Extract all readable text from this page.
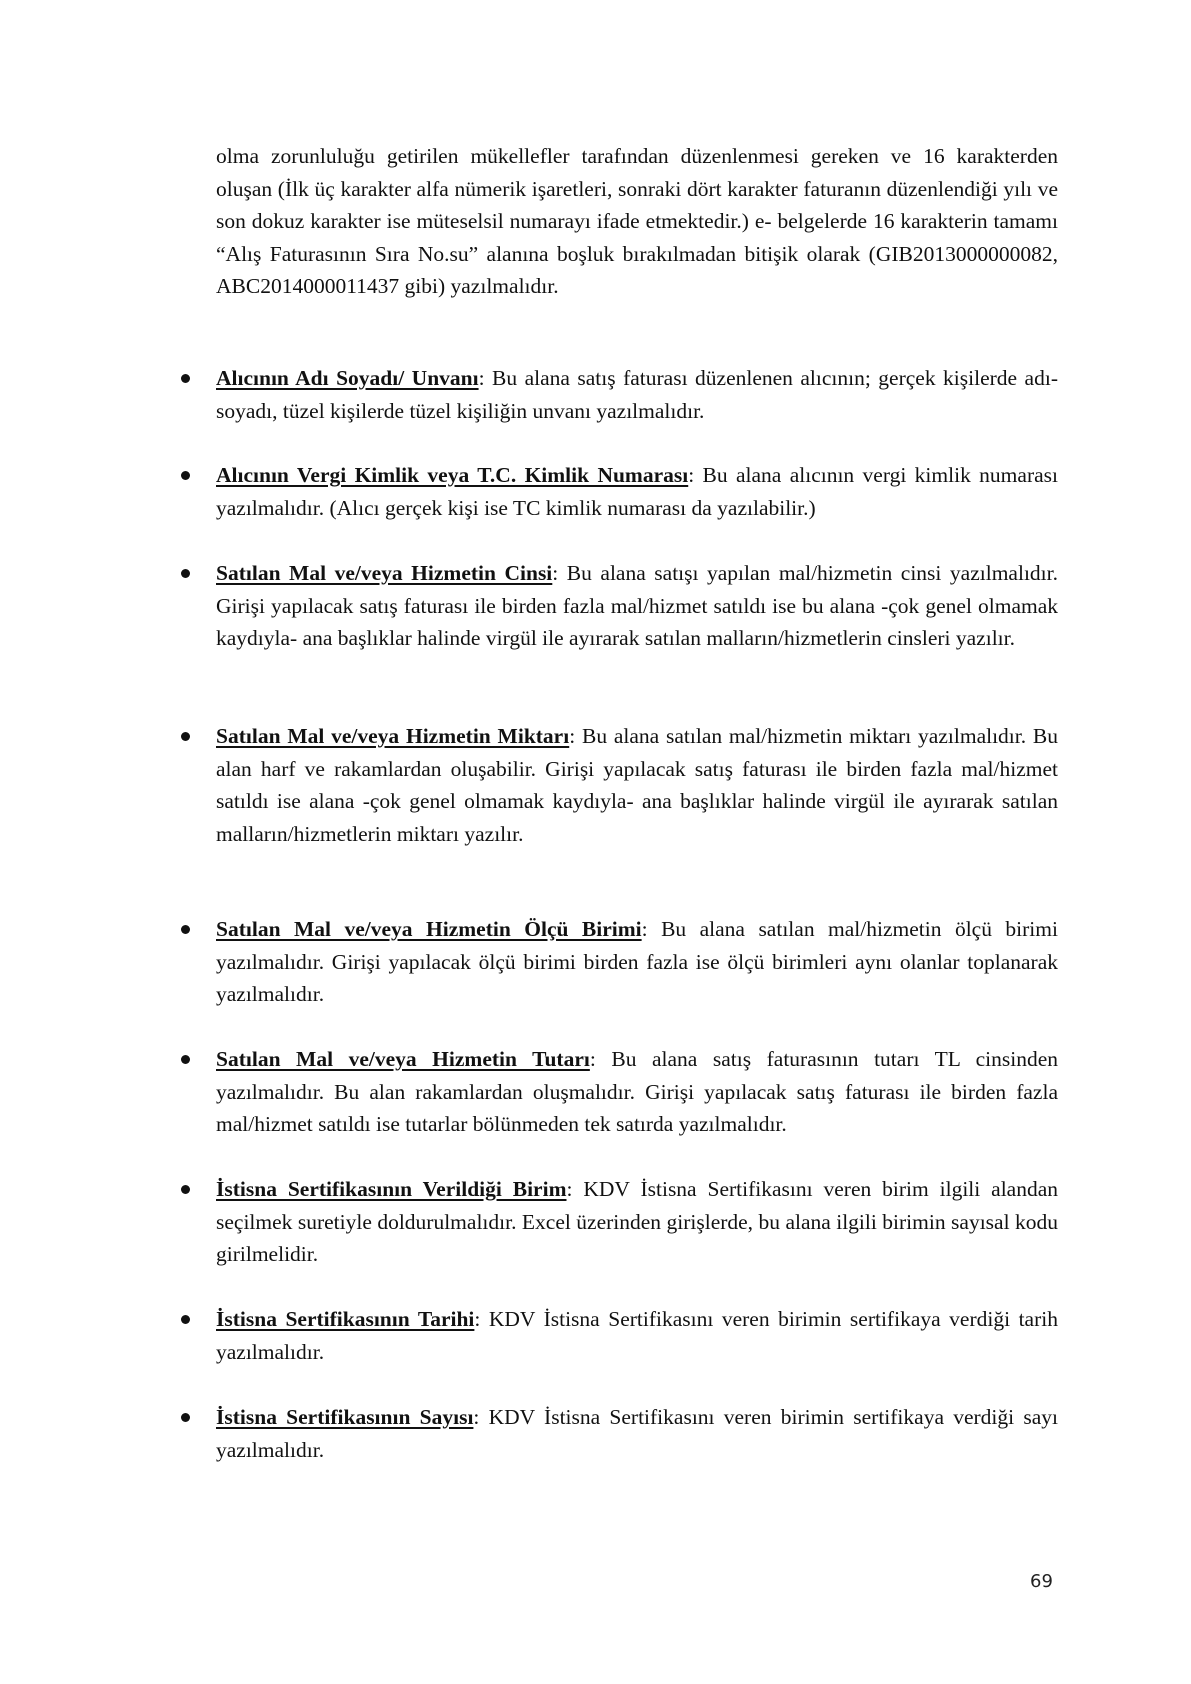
olma zorunluluğu getirilen mükellefler tarafından düzenlenmesi gereken ve 16 karakterden oluşan (İlk üç karakter alfa nümerik işaretleri, sonraki dört karakter faturanın düzenlendiği yılı ve son dokuz karakter ise müteselsil numarayı ifade etmektedir.) e- belgelerde 16 karakterin tamamı “Alış Faturasının Sıra No.su” alanına boşluk bırakılmadan bitişik olarak (GIB2013000000082, ABC2014000011437 gibi) yazılmalıdır.

Alıcının Adı Soyadı/ Unvanı: Bu alana satış faturası düzenlenen alıcının; gerçek kişilerde adı-soyadı, tüzel kişilerde tüzel kişiliğin unvanı yazılmalıdır.

Alıcının Vergi Kimlik veya T.C. Kimlik Numarası: Bu alana alıcının vergi kimlik numarası yazılmalıdır. (Alıcı gerçek kişi ise TC kimlik numarası da yazılabilir.)

Satılan Mal ve/veya Hizmetin Cinsi: Bu alana satışı yapılan mal/hizmetin cinsi yazılmalıdır. Girişi yapılacak satış faturası ile birden fazla mal/hizmet satıldı ise bu alana -çok genel olmamak kaydıyla- ana başlıklar halinde virgül ile ayırarak satılan malların/hizmetlerin cinsleri yazılır.

Satılan Mal ve/veya Hizmetin Miktarı: Bu alana satılan mal/hizmetin miktarı yazılmalıdır. Bu alan harf ve rakamlardan oluşabilir. Girişi yapılacak satış faturası ile birden fazla mal/hizmet satıldı ise alana -çok genel olmamak kaydıyla- ana başlıklar halinde virgül ile ayırarak satılan malların/hizmetlerin miktarı yazılır.

Satılan Mal ve/veya Hizmetin Ölçü Birimi: Bu alana satılan mal/hizmetin ölçü birimi yazılmalıdır. Girişi yapılacak ölçü birimi birden fazla ise ölçü birimleri aynı olanlar toplanarak yazılmalıdır.

Satılan Mal ve/veya Hizmetin Tutarı: Bu alana satış faturasının tutarı TL cinsinden yazılmalıdır. Bu alan rakamlardan oluşmalıdır. Girişi yapılacak satış faturası ile birden fazla mal/hizmet satıldı ise tutarlar bölünmeden tek satırda yazılmalıdır.

İstisna Sertifikasının Verildiği Birim: KDV İstisna Sertifikasını veren birim ilgili alandan seçilmek suretiyle doldurulmalıdır. Excel üzerinden girişlerde, bu alana ilgili birimin sayısal kodu girilmelidir.

İstisna Sertifikasının Tarihi: KDV İstisna Sertifikasını veren birimin sertifikaya verdiği tarih yazılmalıdır.

İstisna Sertifikasının Sayısı: KDV İstisna Sertifikasını veren birimin sertifikaya verdiği sayı yazılmalıdır.

69
